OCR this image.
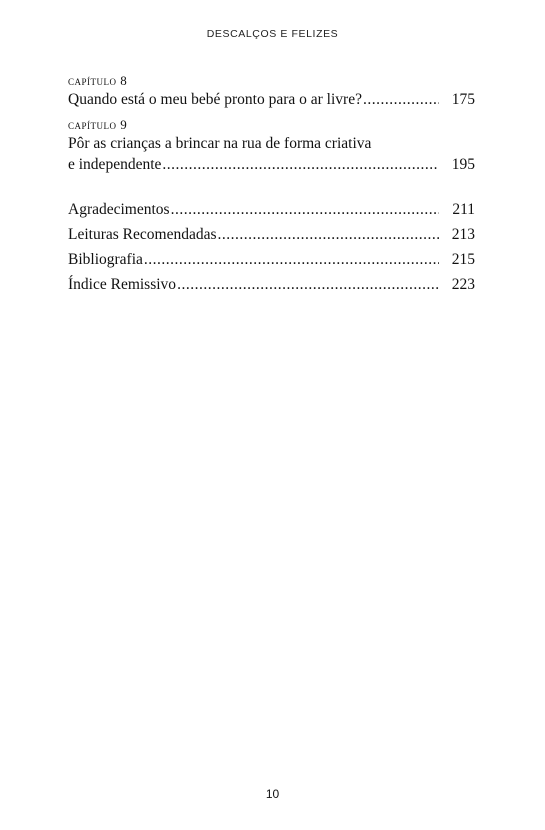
DESCALÇOS E FELIZES
capítulo 8
Quando está o meu bebé pronto para o ar livre? .....	175
capítulo 9
Pôr as crianças a brincar na rua de forma criativa
e independente .....	195
Agradecimentos .....	211
Leituras Recomendadas .....	213
Bibliografia .....	215
Índice Remissivo .....	223
10
